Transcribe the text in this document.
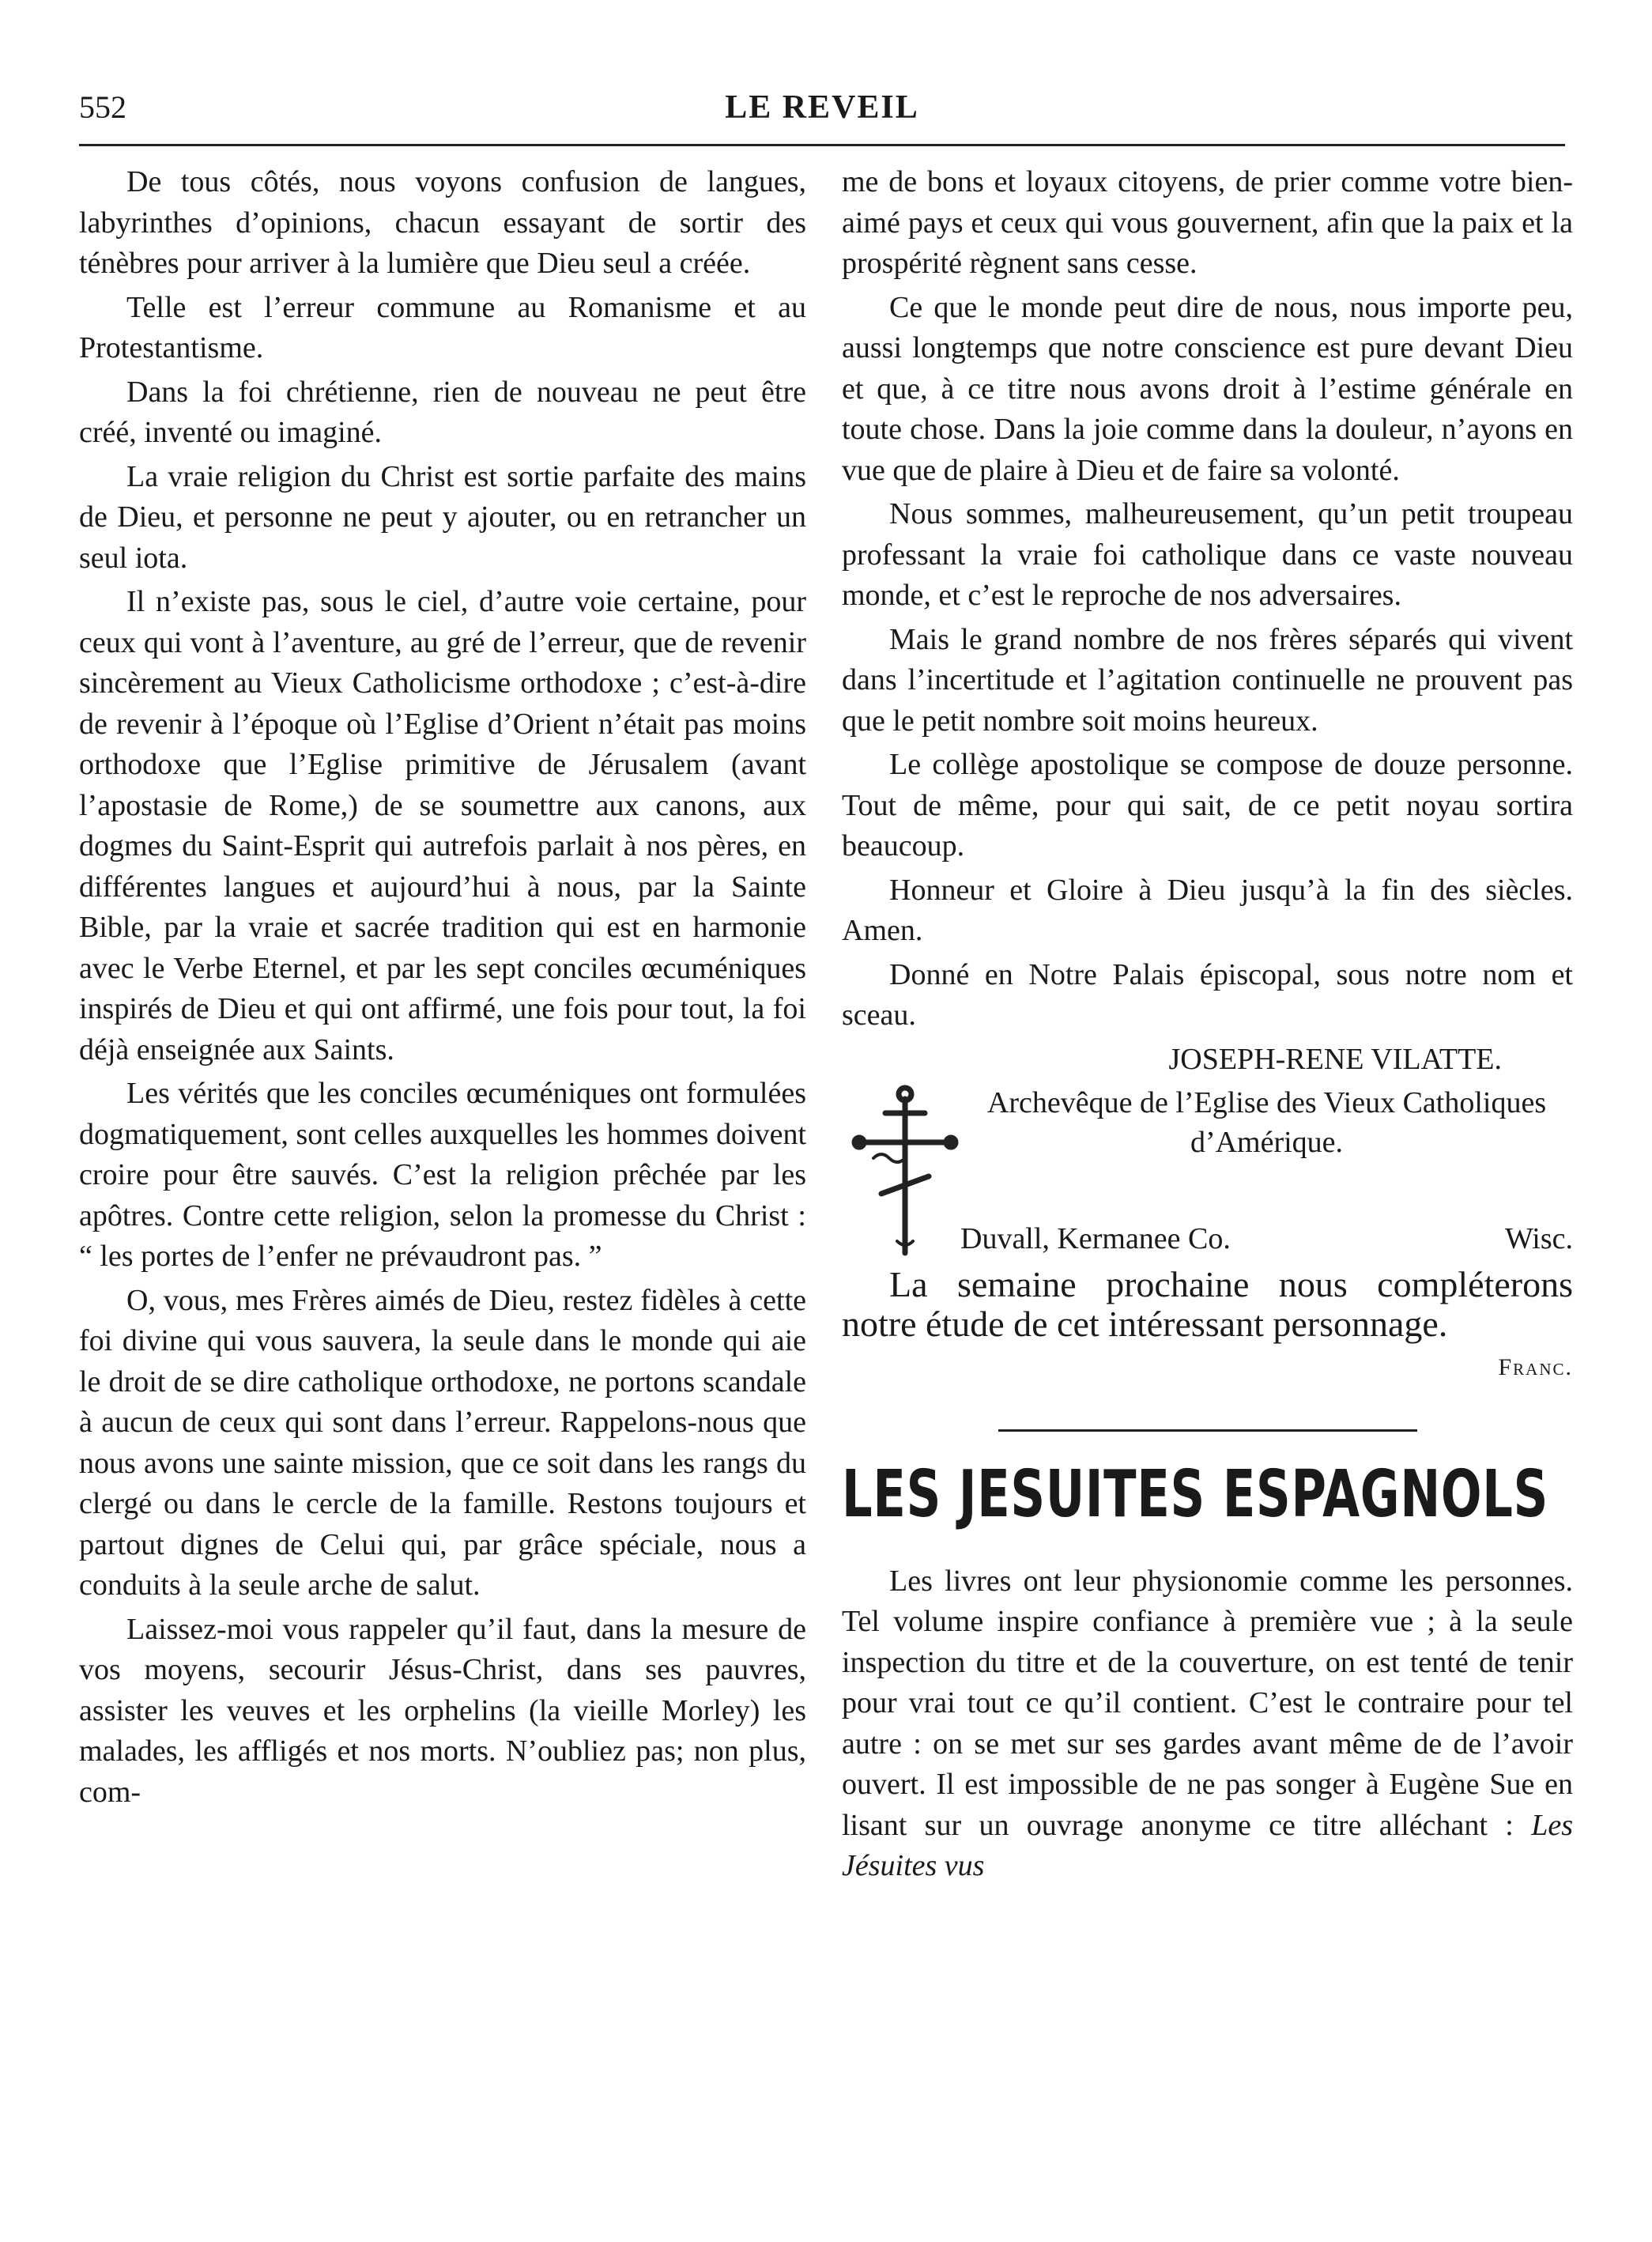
552	LE REVEIL

De tous côtés, nous voyons confusion de langues, labyrinthes d’opinions, chacun essayant de sortir des ténèbres pour arriver à la lumière que Dieu seul a créée.

Telle est l’erreur commune au Romanisme et au Protestantisme.

Dans la foi chrétienne, rien de nouveau ne peut être créé, inventé ou imaginé.

La vraie religion du Christ est sortie parfaite des mains de Dieu, et personne ne peut y ajouter, ou en retrancher un seul iota.

Il n’existe pas, sous le ciel, d’autre voie certaine, pour ceux qui vont à l’aventure, au gré de l’erreur, que de revenir sincèrement au Vieux Catholicisme orthodoxe ; c’est-à-dire de revenir à l’époque où l’Eglise d’Orient n’était pas moins orthodoxe que l’Eglise primitive de Jérusalem (avant l’apostasie de Rome,) de se soumettre aux canons, aux dogmes du Saint-Esprit qui autrefois parlait à nos pères, en différentes langues et aujourd’hui à nous, par la Sainte Bible, par la vraie et sacrée tradition qui est en harmonie avec le Verbe Eternel, et par les sept conciles œcuméniques inspirés de Dieu et qui ont affirmé, une fois pour tout, la foi déjà enseignée aux Saints.

Les vérités que les conciles œcuméniques ont formulées dogmatiquement, sont celles auxquelles les hommes doivent croire pour être sauvés. C’est la religion prêchée par les apôtres. Contre cette religion, selon la promesse du Christ : “ les portes de l’enfer ne prévaudront pas. ”

O, vous, mes Frères aimés de Dieu, restez fidèles à cette foi divine qui vous sauvera, la seule dans le monde qui aie le droit de se dire catholique orthodoxe, ne portons scandale à aucun de ceux qui sont dans l’erreur. Rappelons-nous que nous avons une sainte mission, que ce soit dans les rangs du clergé ou dans le cercle de la famille. Restons toujours et partout dignes de Celui qui, par grâce spéciale, nous a conduits à la seule arche de salut.

Laissez-moi vous rappeler qu’il faut, dans la mesure de vos moyens, secourir Jésus-Christ, dans ses pauvres, assister les veuves et les orphelins (la vieille Morley) les malades, les affligés et nos morts. N’oubliez pas; non plus, com-

me de bons et loyaux citoyens, de prier comme votre bien-aimé pays et ceux qui vous gouvernent, afin que la paix et la prospérité règnent sans cesse.

Ce que le monde peut dire de nous, nous importe peu, aussi longtemps que notre conscience est pure devant Dieu et que, à ce titre nous avons droit à l’estime générale en toute chose. Dans la joie comme dans la douleur, n’ayons en vue que de plaire à Dieu et de faire sa volonté.

Nous sommes, malheureusement, qu’un petit troupeau professant la vraie foi catholique dans ce vaste nouveau monde, et c’est le reproche de nos adversaires.

Mais le grand nombre de nos frères séparés qui vivent dans l’incertitude et l’agitation continuelle ne prouvent pas que le petit nombre soit moins heureux.

Le collège apostolique se compose de douze personne. Tout de même, pour qui sait, de ce petit noyau sortira beaucoup.

Honneur et Gloire à Dieu jusqu’à la fin des siècles. Amen.

Donné en Notre Palais épiscopal, sous notre nom et sceau.

JOSEPH-RENE VILATTE.

Archevêque de l’Eglise des Vieux Catholiques d’Amérique.
Duvall, Kermanee Co.	Wisc.

La semaine prochaine nous compléterons notre étude de cet intéressant personnage.

Franc.

LES JESUITES ESPAGNOLS

Les livres ont leur physionomie comme les personnes. Tel volume inspire confiance à première vue ; à la seule inspection du titre et de la couverture, on est tenté de tenir pour vrai tout ce qu’il contient. C’est le contraire pour tel autre : on se met sur ses gardes avant même de de l’avoir ouvert. Il est impossible de ne pas songer à Eugène Sue en lisant sur un ouvrage anonyme ce titre alléchant : Les Jésuites vus
